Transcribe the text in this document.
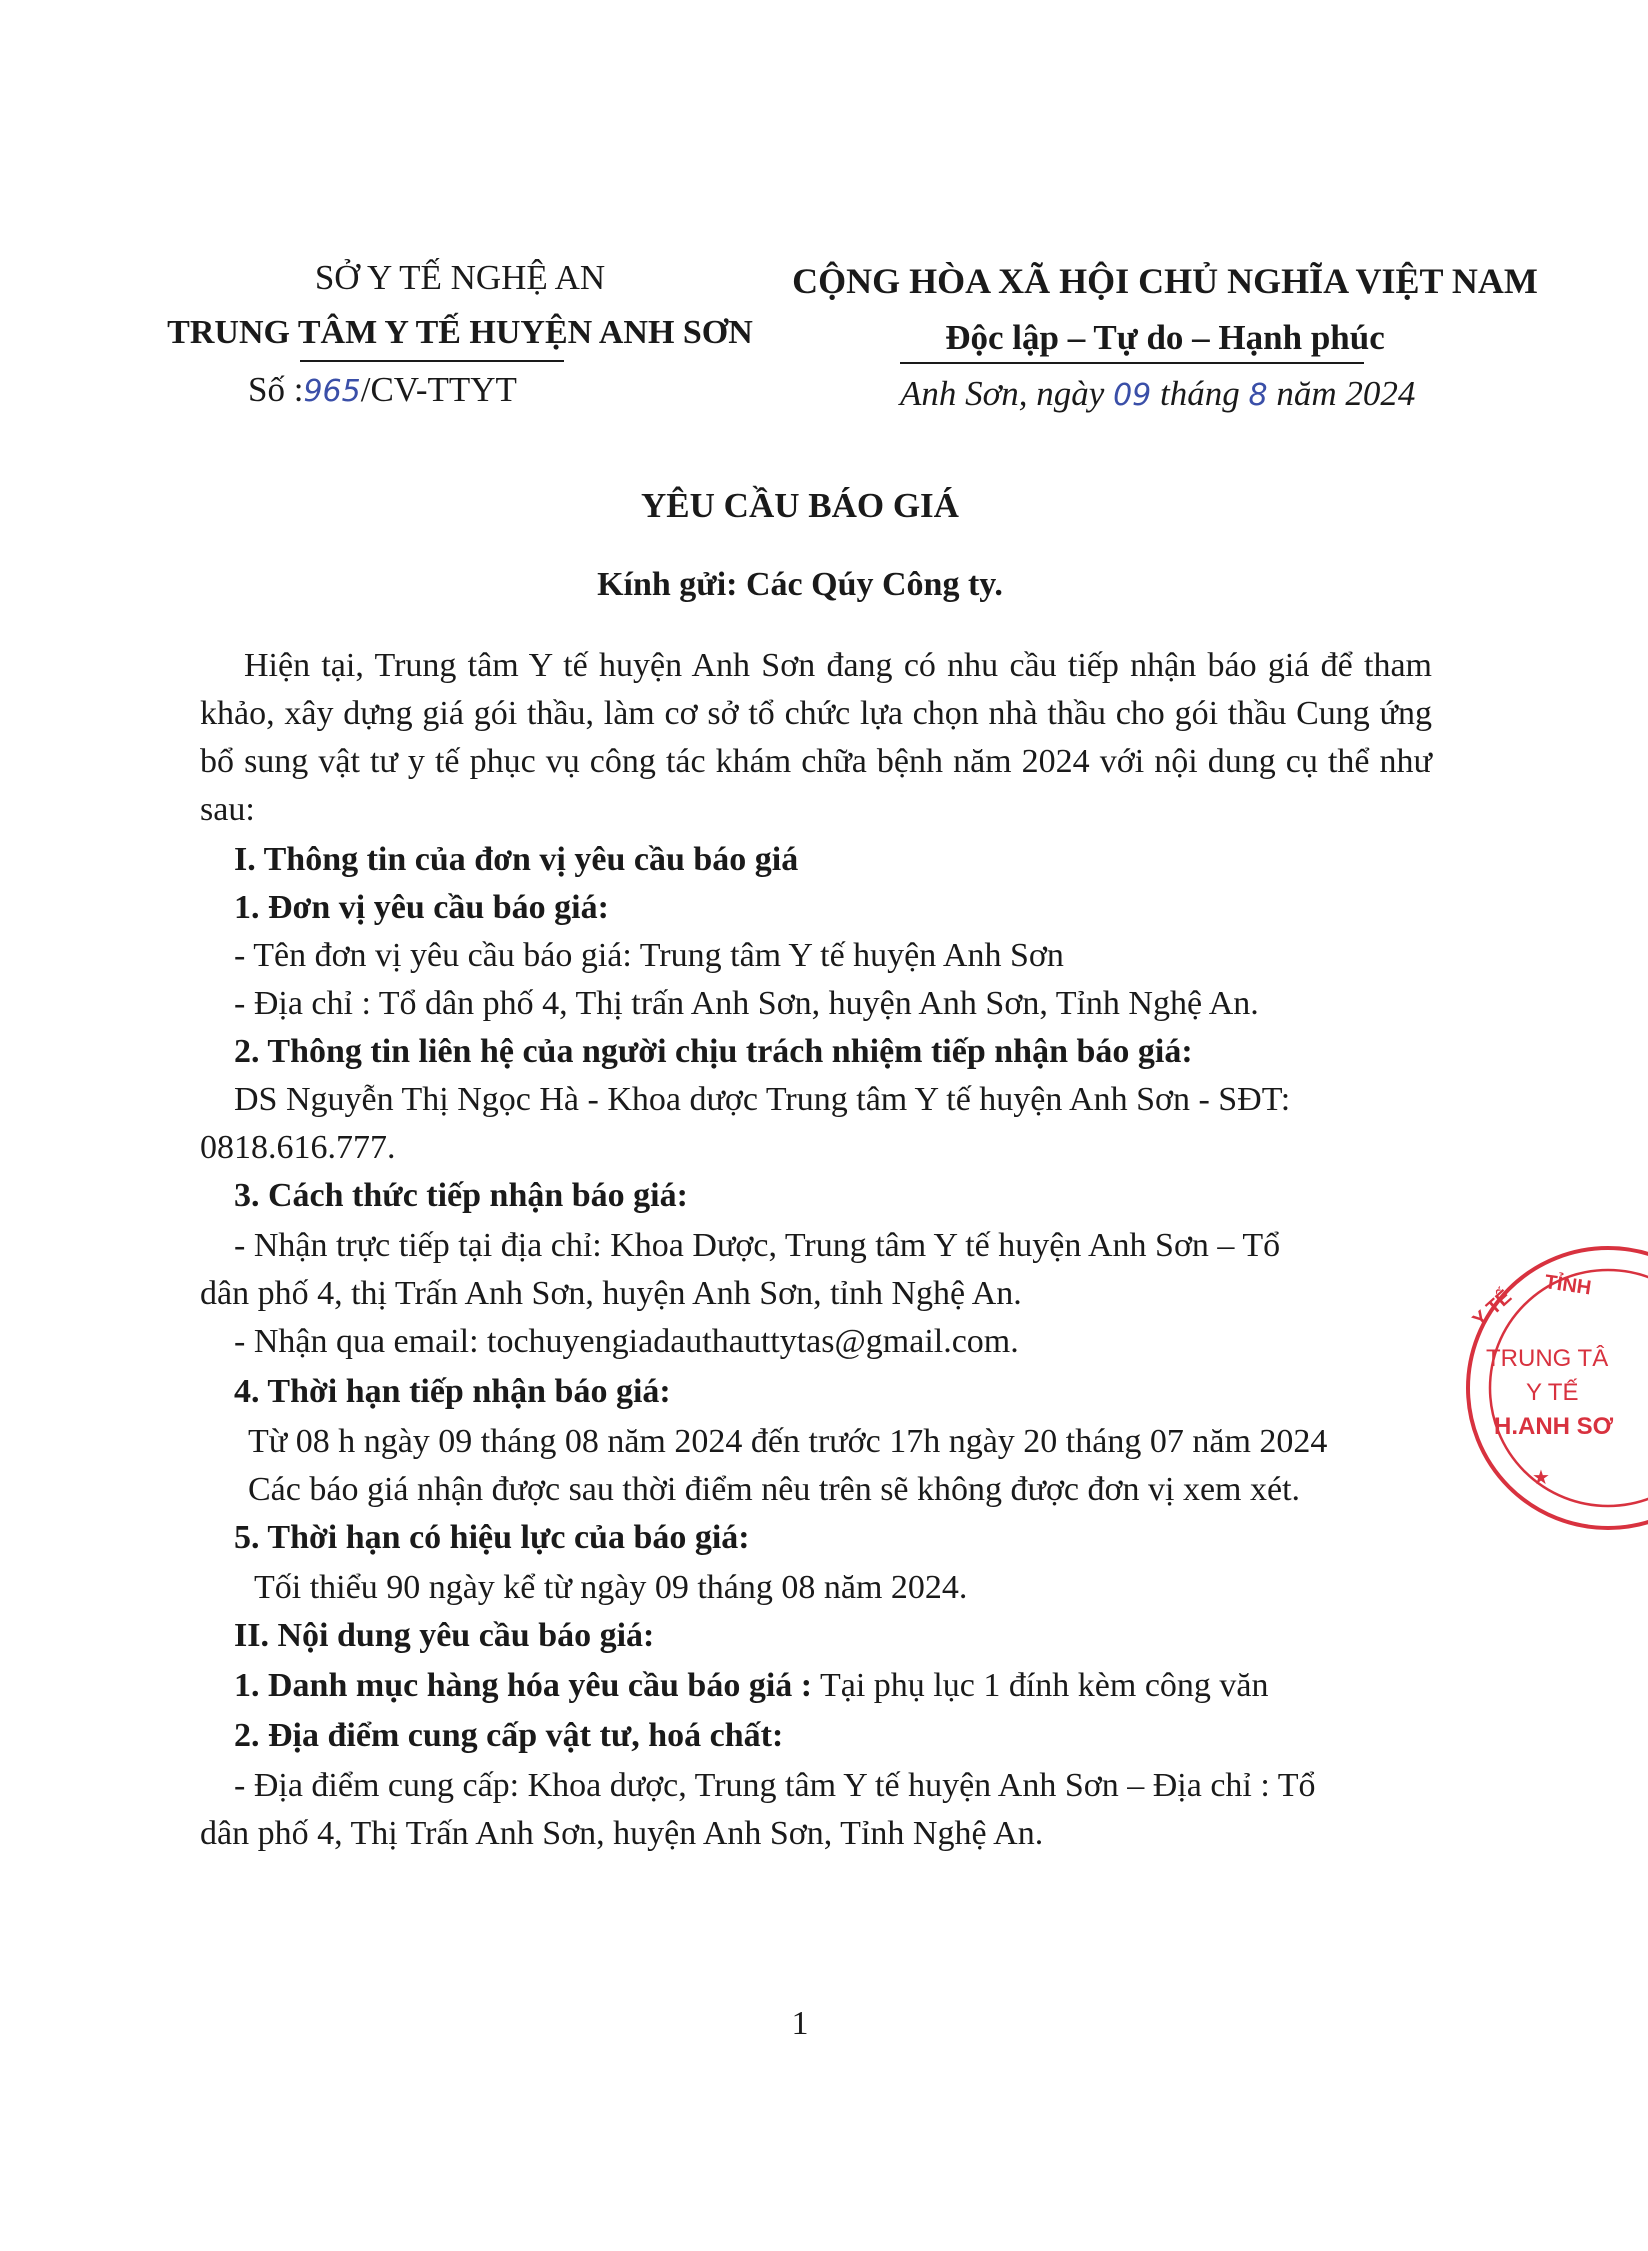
SỞ Y TẾ NGHỆ AN
TRUNG TÂM Y TẾ HUYỆN ANH SƠN
Số :965/CV-TTYT
CỘNG HÒA XÃ HỘI CHỦ NGHĨA VIỆT NAM
Độc lập – Tự do – Hạnh phúc
Anh Sơn, ngày 09 tháng 8 năm 2024
YÊU CẦU BÁO GIÁ
Kính gửi: Các Qúy Công ty.
Hiện tại, Trung tâm Y tế huyện Anh Sơn đang có nhu cầu tiếp nhận báo giá để tham khảo, xây dựng giá gói thầu, làm cơ sở tổ chức lựa chọn nhà thầu cho gói thầu Cung ứng bổ sung vật tư y tế phục vụ công tác khám chữa bệnh năm 2024 với nội dung cụ thể như sau:
I. Thông tin của đơn vị yêu cầu báo giá
1. Đơn vị yêu cầu báo giá:
- Tên đơn vị yêu cầu báo giá: Trung tâm Y tế huyện Anh Sơn
- Địa chỉ : Tổ dân phố 4, Thị trấn Anh Sơn, huyện Anh Sơn, Tỉnh Nghệ An.
2. Thông tin liên hệ của người chịu trách nhiệm tiếp nhận báo giá:
DS Nguyễn Thị Ngọc Hà - Khoa dược Trung tâm Y tế huyện Anh Sơn - SĐT:
0818.616.777.
3. Cách thức tiếp nhận báo giá:
- Nhận trực tiếp tại địa chỉ: Khoa Dược, Trung tâm Y tế huyện Anh Sơn – Tổ
dân phố 4, thị Trấn Anh Sơn, huyện Anh Sơn, tỉnh Nghệ An.
- Nhận qua email: tochuyengiadauthauttytas@gmail.com.
4. Thời hạn tiếp nhận báo giá:
Từ 08 h ngày 09 tháng 08 năm 2024 đến trước 17h ngày 20 tháng 07 năm 2024
Các báo giá nhận được sau thời điểm nêu trên sẽ không được đơn vị xem xét.
5. Thời hạn có hiệu lực của báo giá:
Tối thiểu 90 ngày kể từ ngày 09 tháng 08 năm 2024.
II. Nội dung yêu cầu báo giá:
1. Danh mục hàng hóa yêu cầu báo giá : Tại phụ lục 1 đính kèm công văn
2. Địa điểm cung cấp vật tư, hoá chất:
- Địa điểm cung cấp: Khoa dược, Trung tâm Y tế huyện Anh Sơn – Địa chỉ : Tổ
dân phố 4, Thị Trấn Anh Sơn, huyện Anh Sơn, Tỉnh Nghệ An.
1
Y TẾ
TỈNH
TRUNG TÂ
Y TẾ
H.ANH SƠ
★
